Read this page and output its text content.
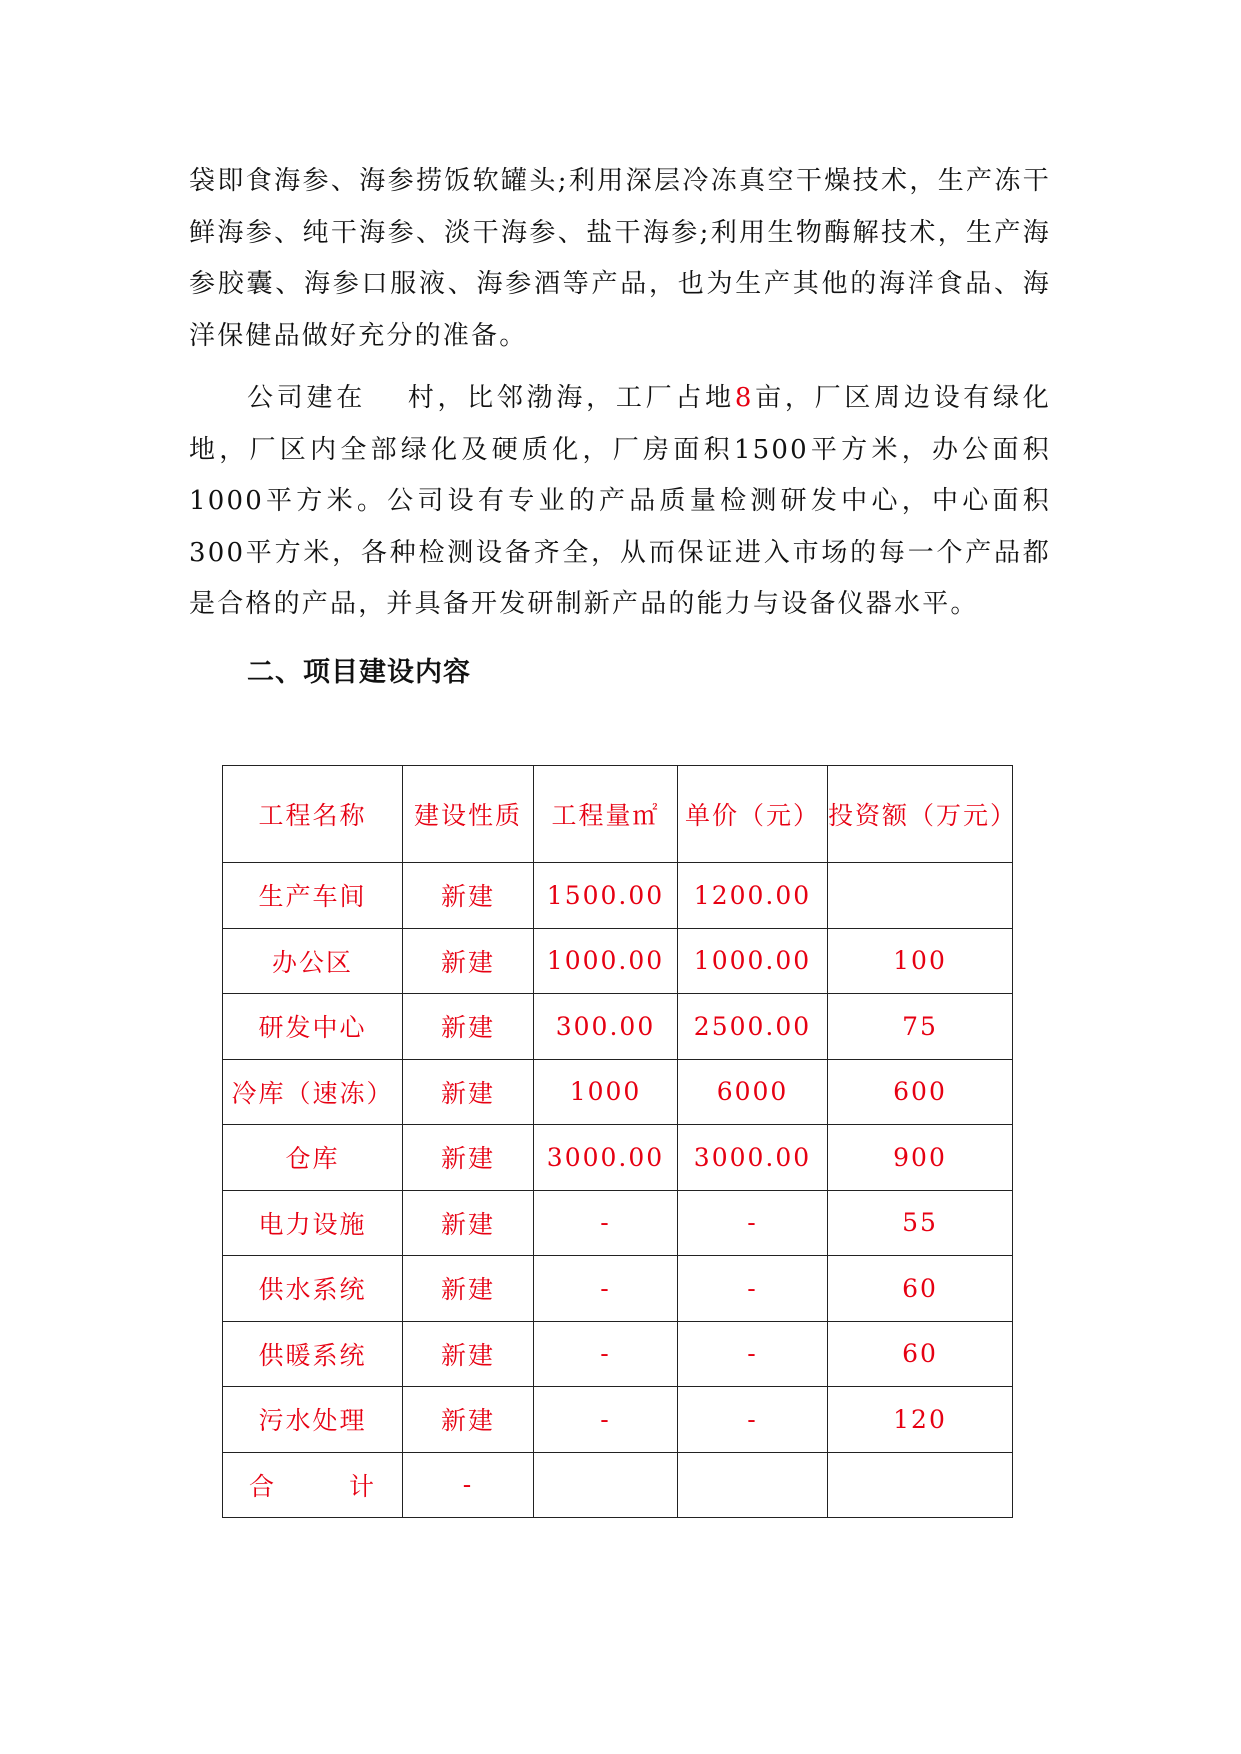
袋即食海参、海参捞饭软罐头;利用深层冷冻真空干燥技术，生产冻干鲜海参、纯干海参、淡干海参、盐干海参;利用生物酶解技术，生产海参胶囊、海参口服液、海参酒等产品，也为生产其他的海洋食品、海洋保健品做好充分的准备。

公司建在　 村，比邻渤海，工厂占地8亩，厂区周边设有绿化地，厂区内全部绿化及硬质化，厂房面积1500平方米，办公面积1000平方米。公司设有专业的产品质量检测研发中心，中心面积300平方米，各种检测设备齐全，从而保证进入市场的每一个产品都是合格的产品，并具备开发研制新产品的能力与设备仪器水平。

二、项目建设内容
工程名称	建设性质	工程量㎡	单价（元）	投资额（万元）
生产车间	新建	1500.00	1200.00	
办公区	新建	1000.00	1000.00	100
研发中心	新建	300.00	2500.00	75
冷库（速冻）	新建	1000	6000	600
仓库	新建	3000.00	3000.00	900
电力设施	新建	-	-	55
供水系统	新建	-	-	60
供暖系统	新建	-	-	60
污水处理	新建	-	-	120
合计	-			
